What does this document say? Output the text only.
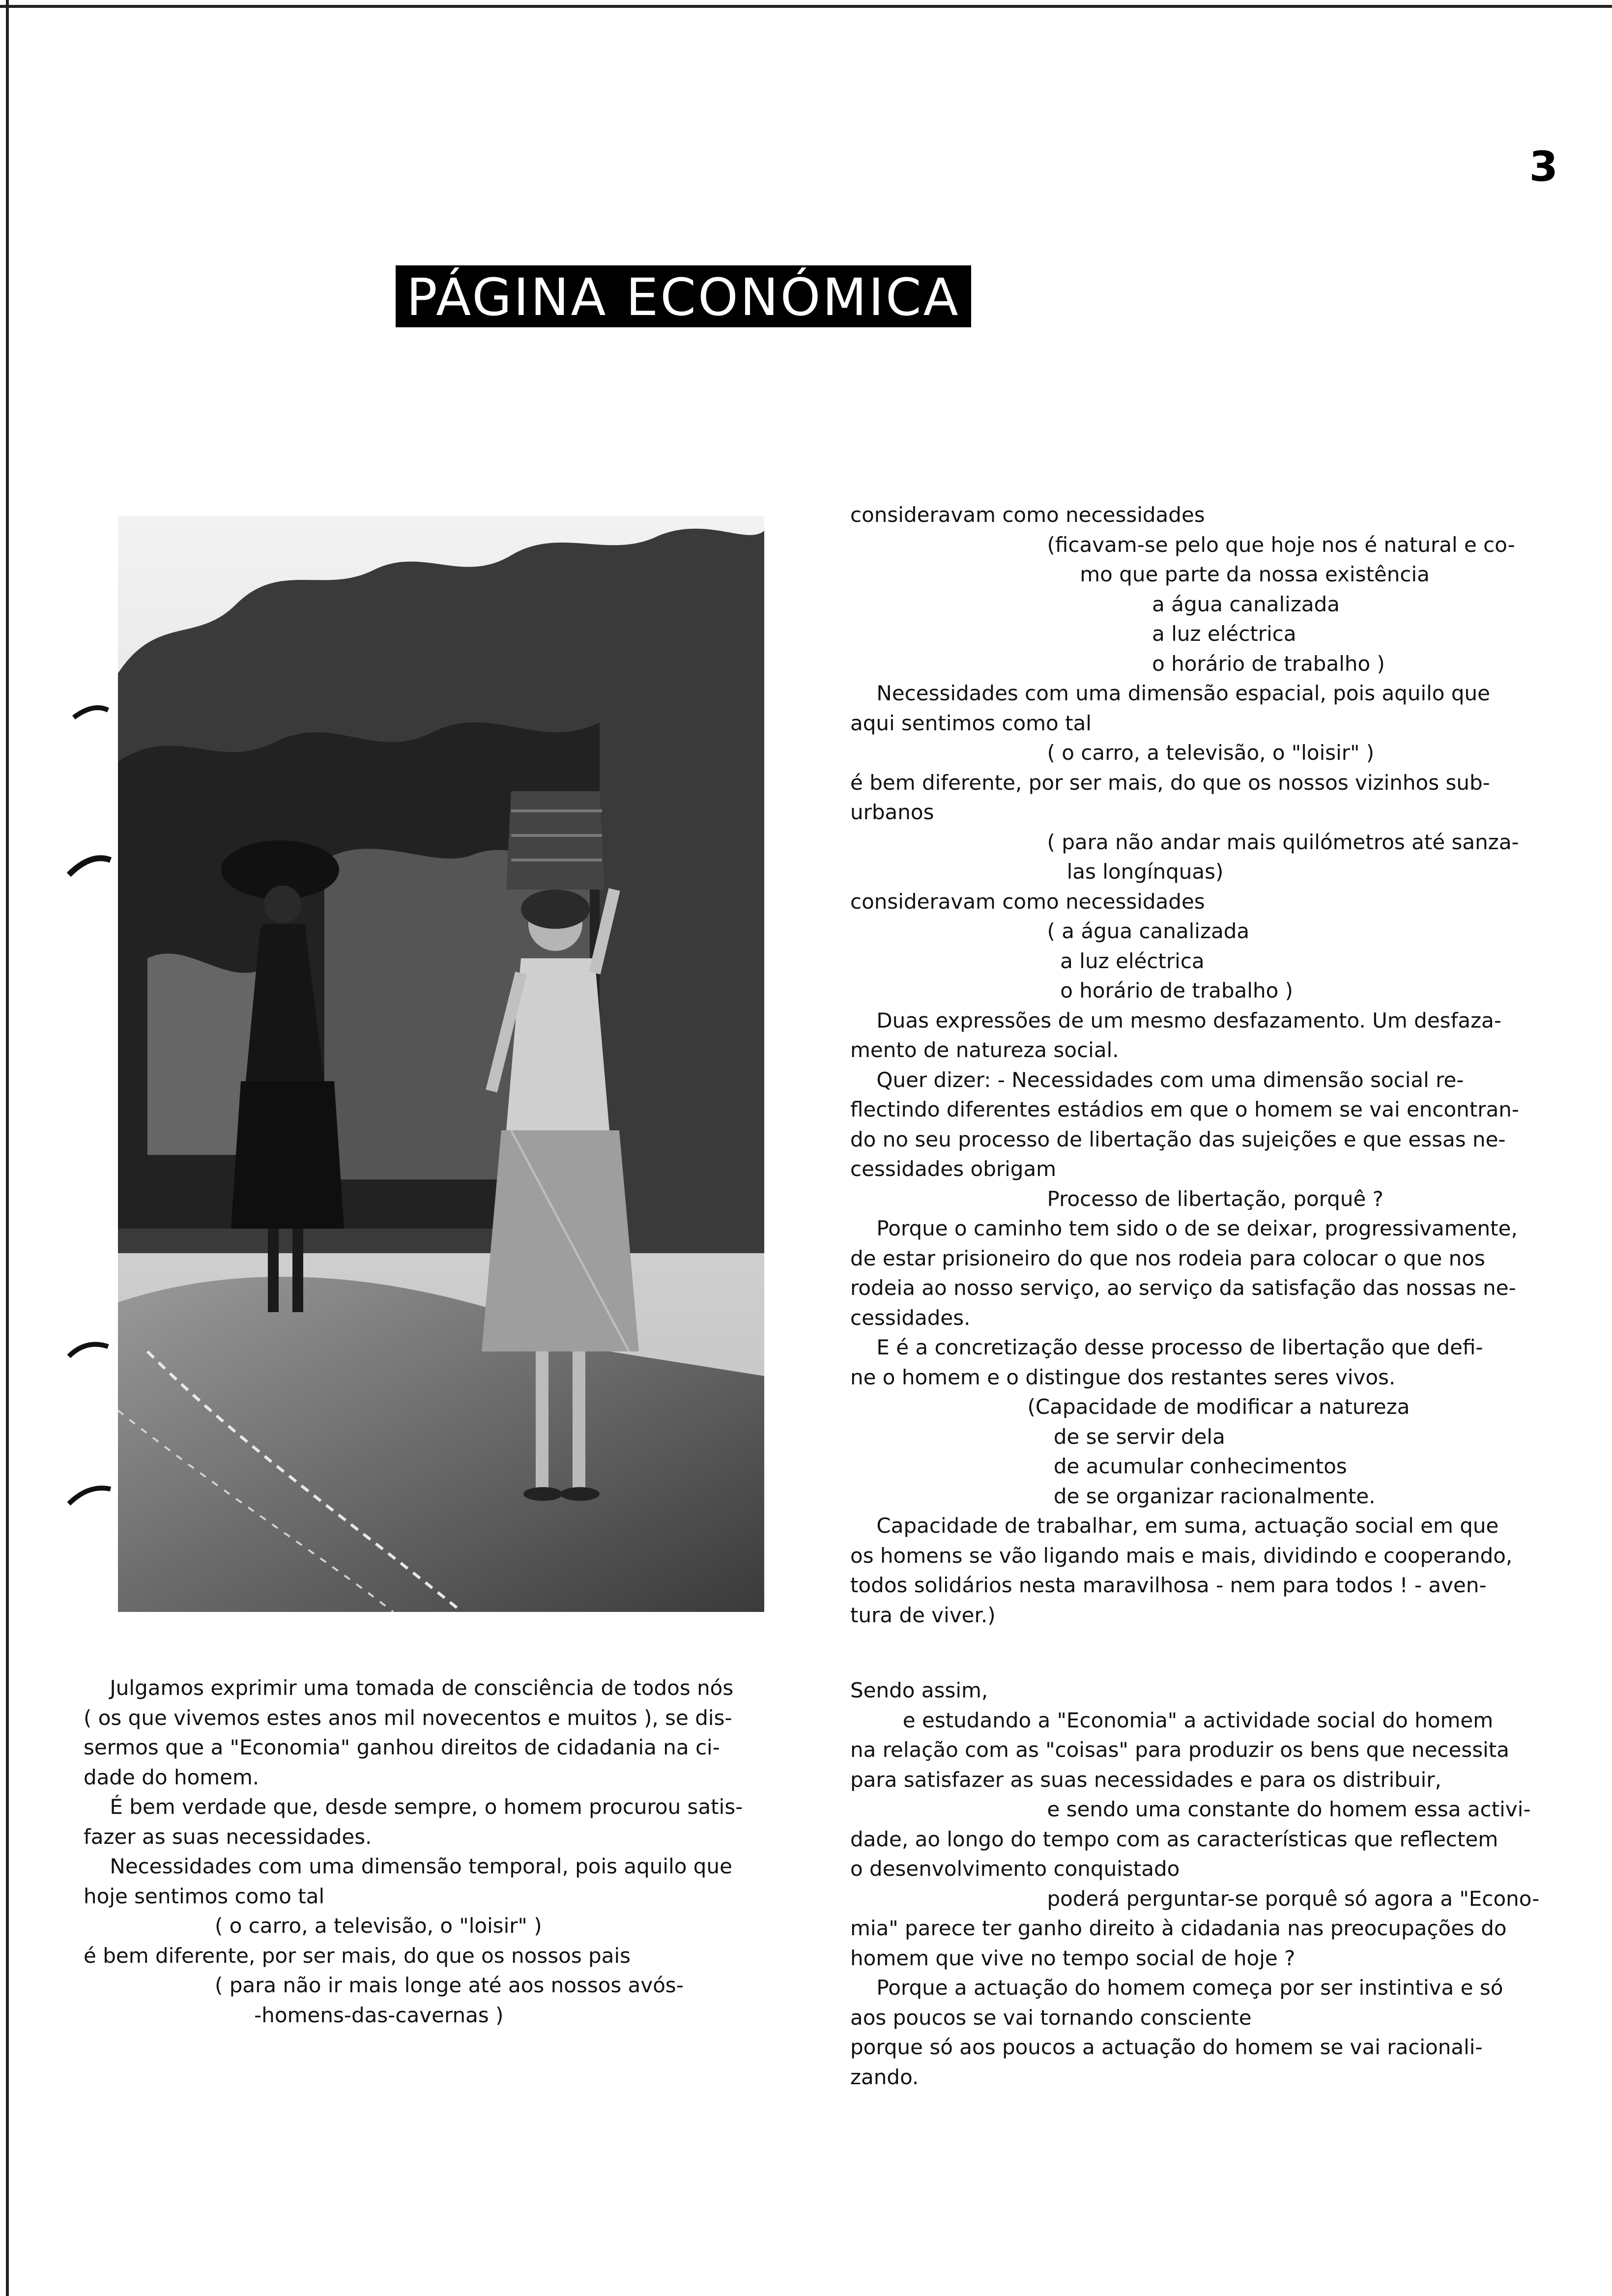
3
PÁGINA ECONÓMICA
consideravam como necessidades
(ficavam-se pelo que hoje nos é natural e co-
mo que parte da nossa existência
a água canalizada
a luz eléctrica
o horário de trabalho )
Necessidades com uma dimensão espacial, pois aquilo que
aqui sentimos como tal
( o carro, a televisão, o "loisir" )
é bem diferente, por ser mais, do que os nossos vizinhos sub-
urbanos
( para não andar mais quilómetros até sanza-
las longínquas)
consideravam como necessidades
( a água canalizada
a luz eléctrica
o horário de trabalho )
Duas expressões de um mesmo desfazamento. Um desfaza-
mento de natureza social.
Quer dizer: - Necessidades com uma dimensão social re-
flectindo diferentes estádios em que o homem se vai encontran-
do no seu processo de libertação das sujeições e que essas ne-
cessidades obrigam
Processo de libertação, porquê ?
Porque o caminho tem sido o de se deixar, progressivamente,
de estar prisioneiro do que nos rodeia para colocar o que nos
rodeia ao nosso serviço, ao serviço da satisfação das nossas ne-
cessidades.
E é a concretização desse processo de libertação que defi-
ne o homem e o distingue dos restantes seres vivos.
(Capacidade de modificar a natureza
de se servir dela
de acumular conhecimentos
de se organizar racionalmente.
Capacidade de trabalhar, em suma, actuação social em que
os homens se vão ligando mais e mais, dividindo e cooperando,
todos solidários nesta maravilhosa - nem para todos ! - aven-
tura de viver.)
Julgamos exprimir uma tomada de consciência de todos nós
( os que vivemos estes anos mil novecentos e muitos ), se dis-
sermos que a "Economia" ganhou direitos de cidadania na ci-
dade do homem.
É bem verdade que, desde sempre, o homem procurou satis-
fazer as suas necessidades.
Necessidades com uma dimensão temporal, pois aquilo que
hoje sentimos como tal
( o carro, a televisão, o "loisir" )
é bem diferente, por ser mais, do que os nossos pais
( para não ir mais longe até aos nossos avós-
-homens-das-cavernas )
Sendo assim,
e estudando a "Economia" a actividade social do homem
na relação com as "coisas" para produzir os bens que necessita
para satisfazer as suas necessidades e para os distribuir,
e sendo uma constante do homem essa activi-
dade, ao longo do tempo com as características que reflectem
o desenvolvimento conquistado
poderá perguntar-se porquê só agora a "Econo-
mia" parece ter ganho direito à cidadania nas preocupações do
homem que vive no tempo social de hoje ?
Porque a actuação do homem começa por ser instintiva e só
aos poucos se vai tornando consciente
porque só aos poucos a actuação do homem se vai racionali-
zando.
